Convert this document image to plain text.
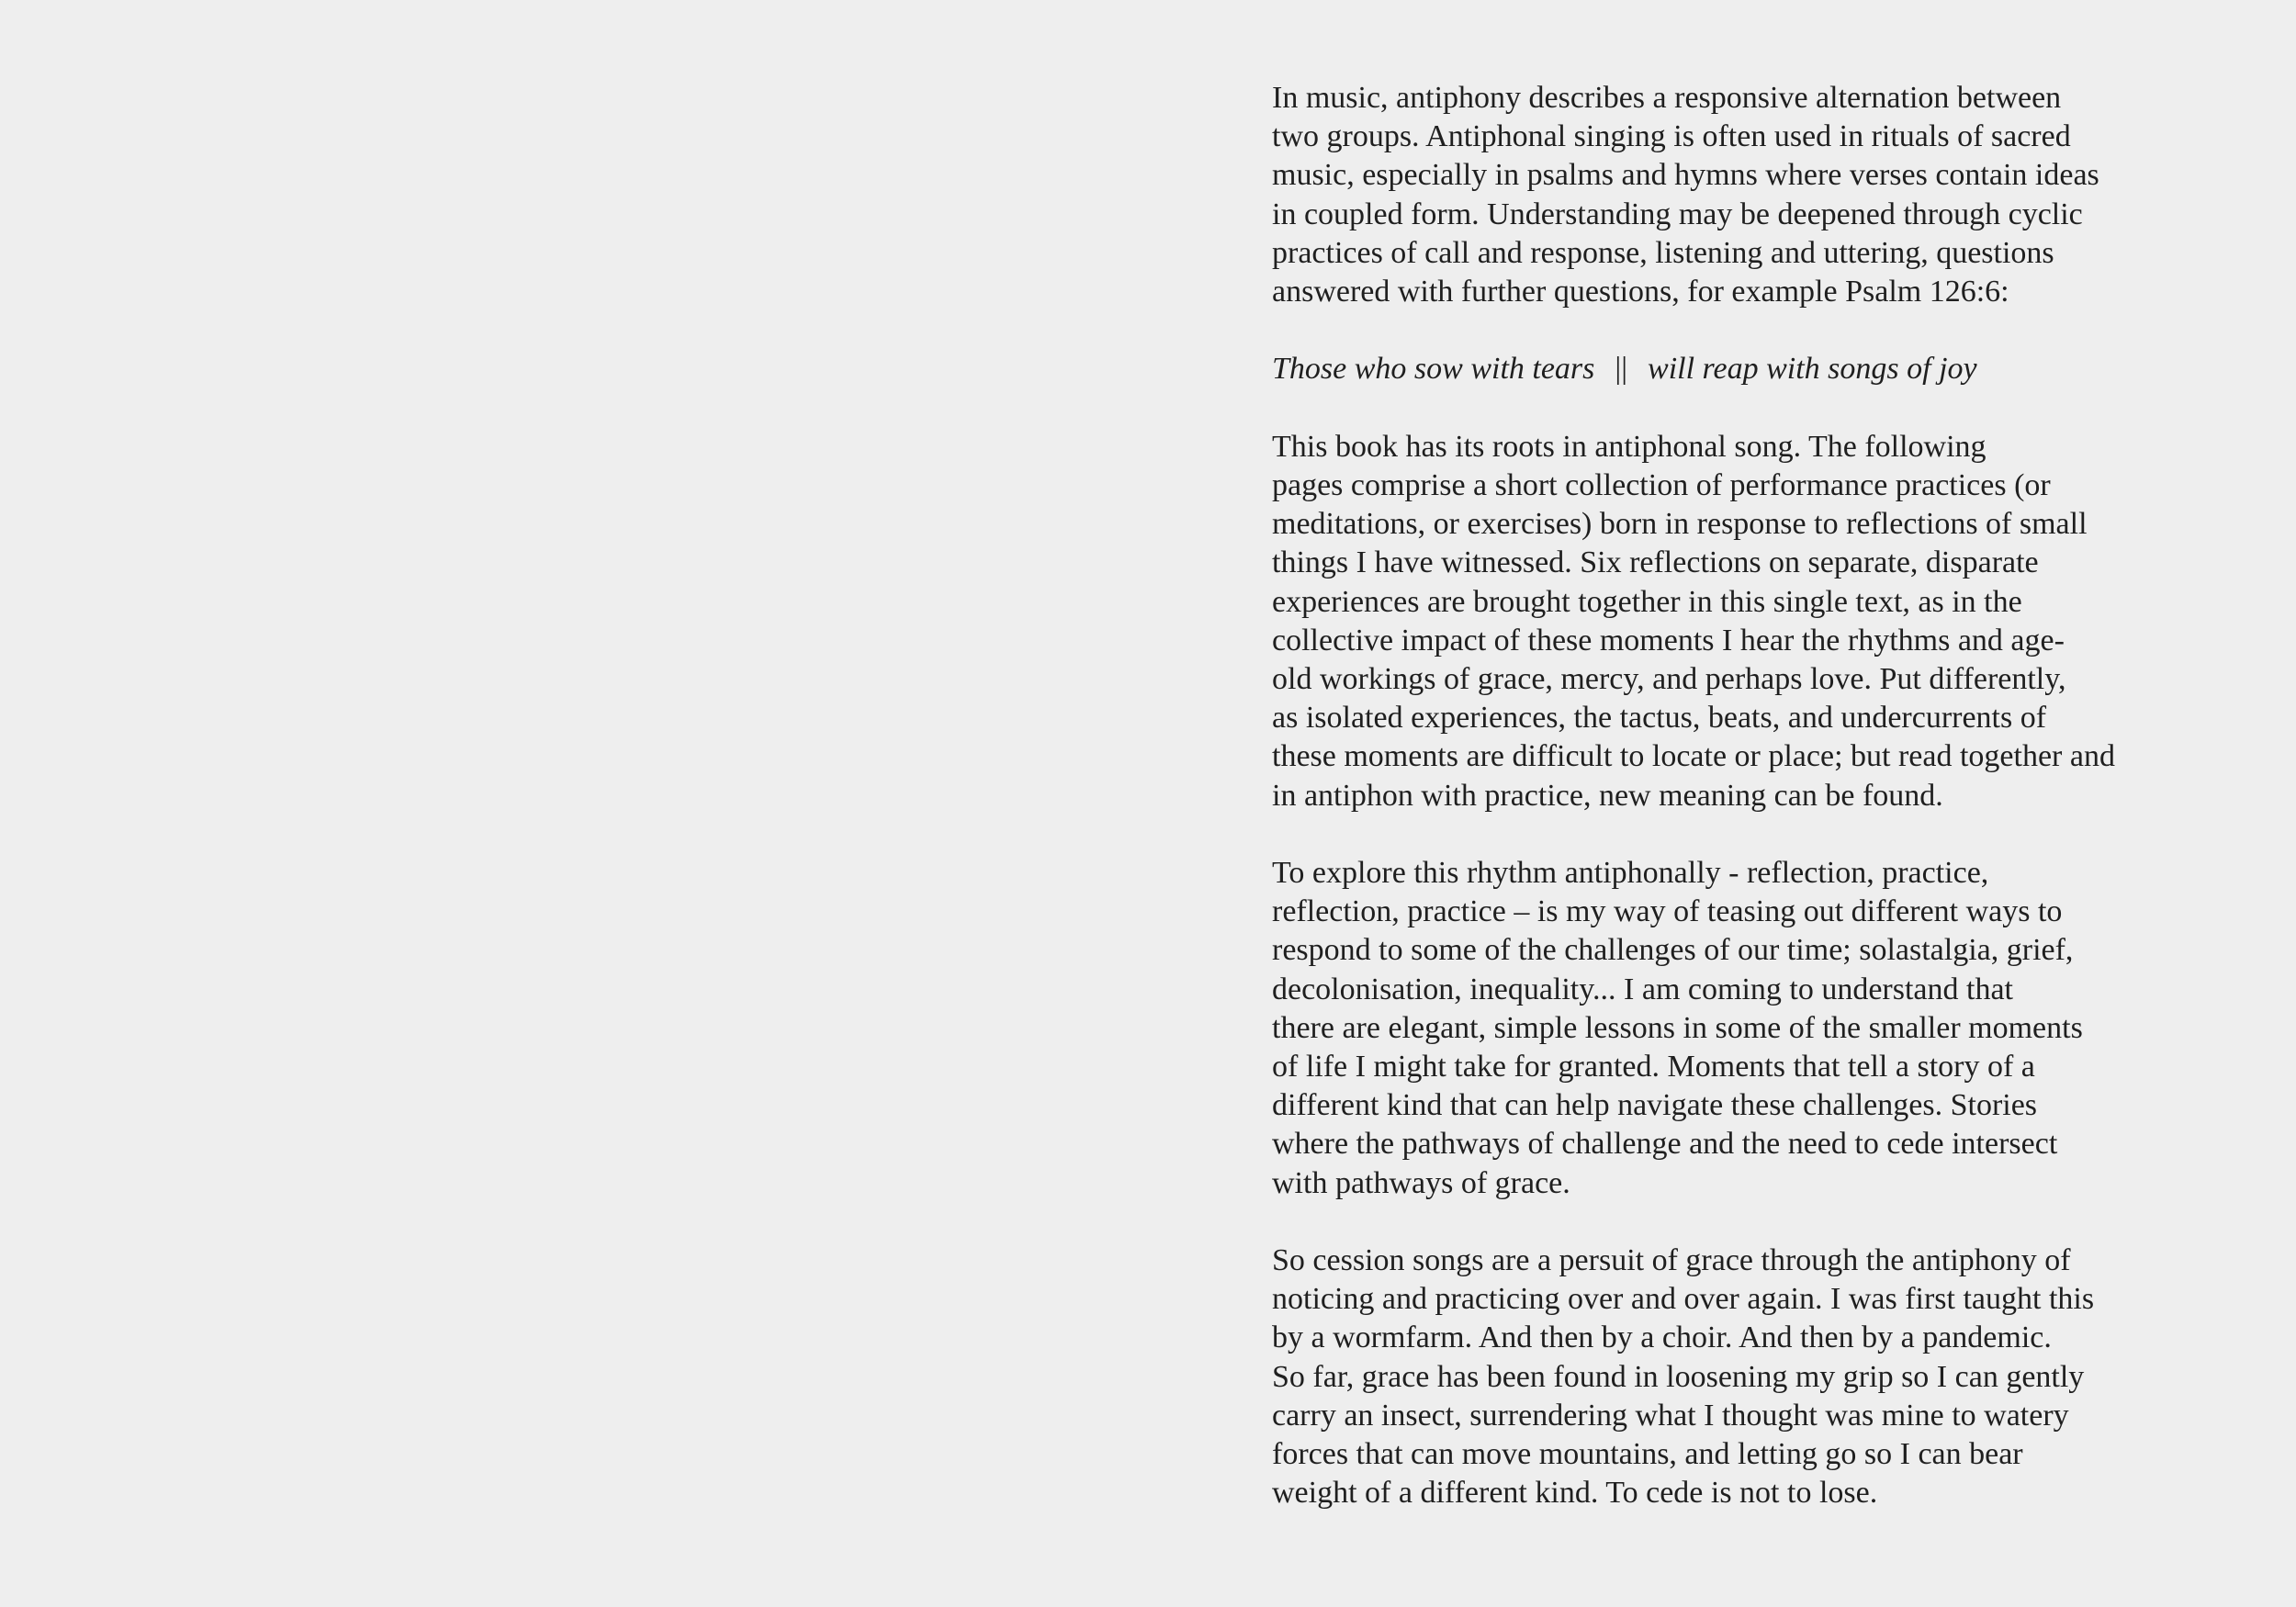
In music, antiphony describes a responsive alternation between
two groups. Antiphonal singing is often used in rituals of sacred
music, especially in psalms and hymns where verses contain ideas
in coupled form. Understanding may be deepened through cyclic
practices of call and response, listening and uttering, questions
answered with further questions, for example Psalm 126:6:

Those who sow with tears || will reap with songs of joy

This book has its roots in antiphonal song. The following
pages comprise a short collection of performance practices (or
meditations, or exercises) born in response to reflections of small
things I have witnessed. Six reflections on separate, disparate
experiences are brought together in this single text, as in the
collective impact of these moments I hear the rhythms and age-
old workings of grace, mercy, and perhaps love. Put differently,
as isolated experiences, the tactus, beats, and undercurrents of
these moments are difficult to locate or place; but read together and
in antiphon with practice, new meaning can be found.

To explore this rhythm antiphonally - reflection, practice,
reflection, practice – is my way of teasing out different ways to
respond to some of the challenges of our time; solastalgia, grief,
decolonisation, inequality... I am coming to understand that
there are elegant, simple lessons in some of the smaller moments
of life I might take for granted. Moments that tell a story of a
different kind that can help navigate these challenges. Stories
where the pathways of challenge and the need to cede intersect
with pathways of grace.

So cession songs are a persuit of grace through the antiphony of
noticing and practicing over and over again. I was first taught this
by a wormfarm. And then by a choir. And then by a pandemic.
So far, grace has been found in loosening my grip so I can gently
carry an insect, surrendering what I thought was mine to watery
forces that can move mountains, and letting go so I can bear
weight of a different kind. To cede is not to lose.
